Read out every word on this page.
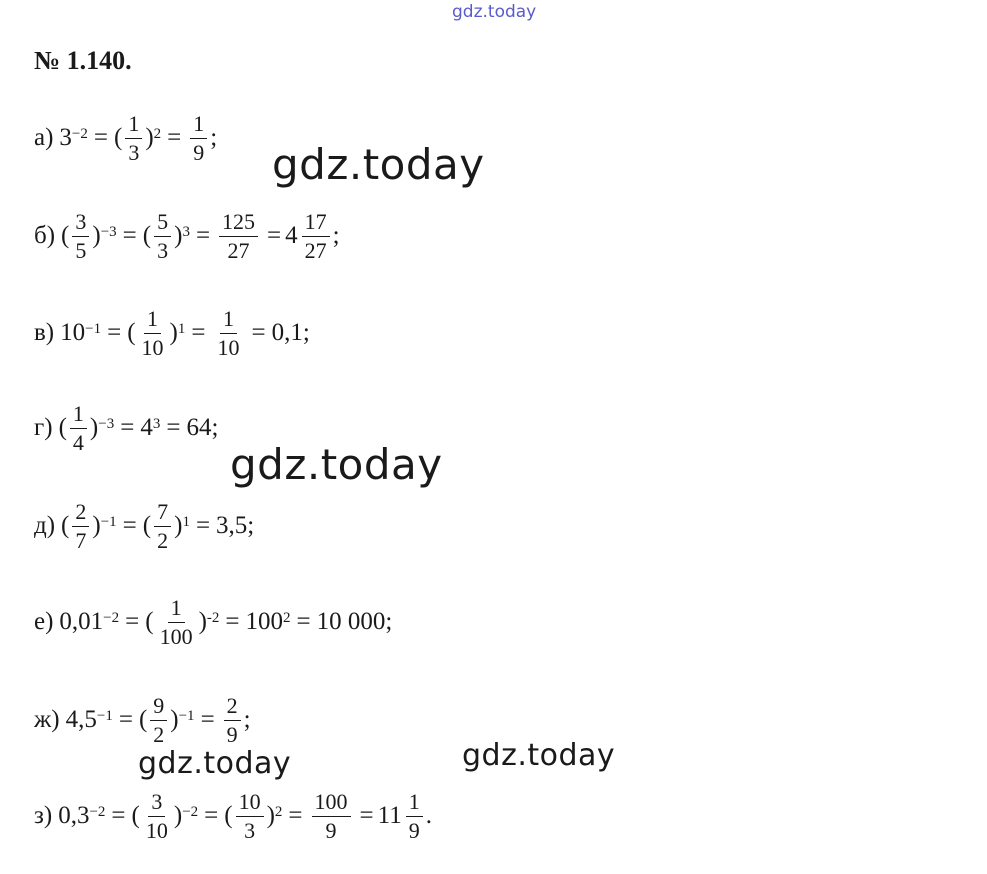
gdz.today
gdz.today
gdz.today
gdz.today	gdz.today
№ 1.140.
а) $3^{-2}$ = ( $\frac{1}{3} )^2 = \frac{1}{9}$ ;
б) ( $\frac{3}{5} )^{-3}$ = ( $\frac{5}{3} )^3 = \frac{125}{27} = 4 \frac{17}{27}$ ;
в) $10^{-1}$ = ( $\frac{1}{10} )^1 = \frac{1}{10} = 0,1$;
г) ( $\frac{1}{4} )^{-3} = 4^3 = 64$;
д) ( $\frac{2}{7} )^{-1}$ = ( $\frac{7}{2} )^1 = 3,5$;
е) $0,01^{-2}$ = ( $\frac{1}{100} )^{-2} = 100^2 = 10$ 000;
ж) $4,5^{-1}$ = ( $\frac{9}{2} )^{-1} = \frac{2}{9}$ ;
з) $0,3^{-2}$ = ( $\frac{3}{10} )^{-2}$ = ( $\frac{10}{3} )^2 = \frac{100}{9} = 11 \frac{1}{9}$ .
